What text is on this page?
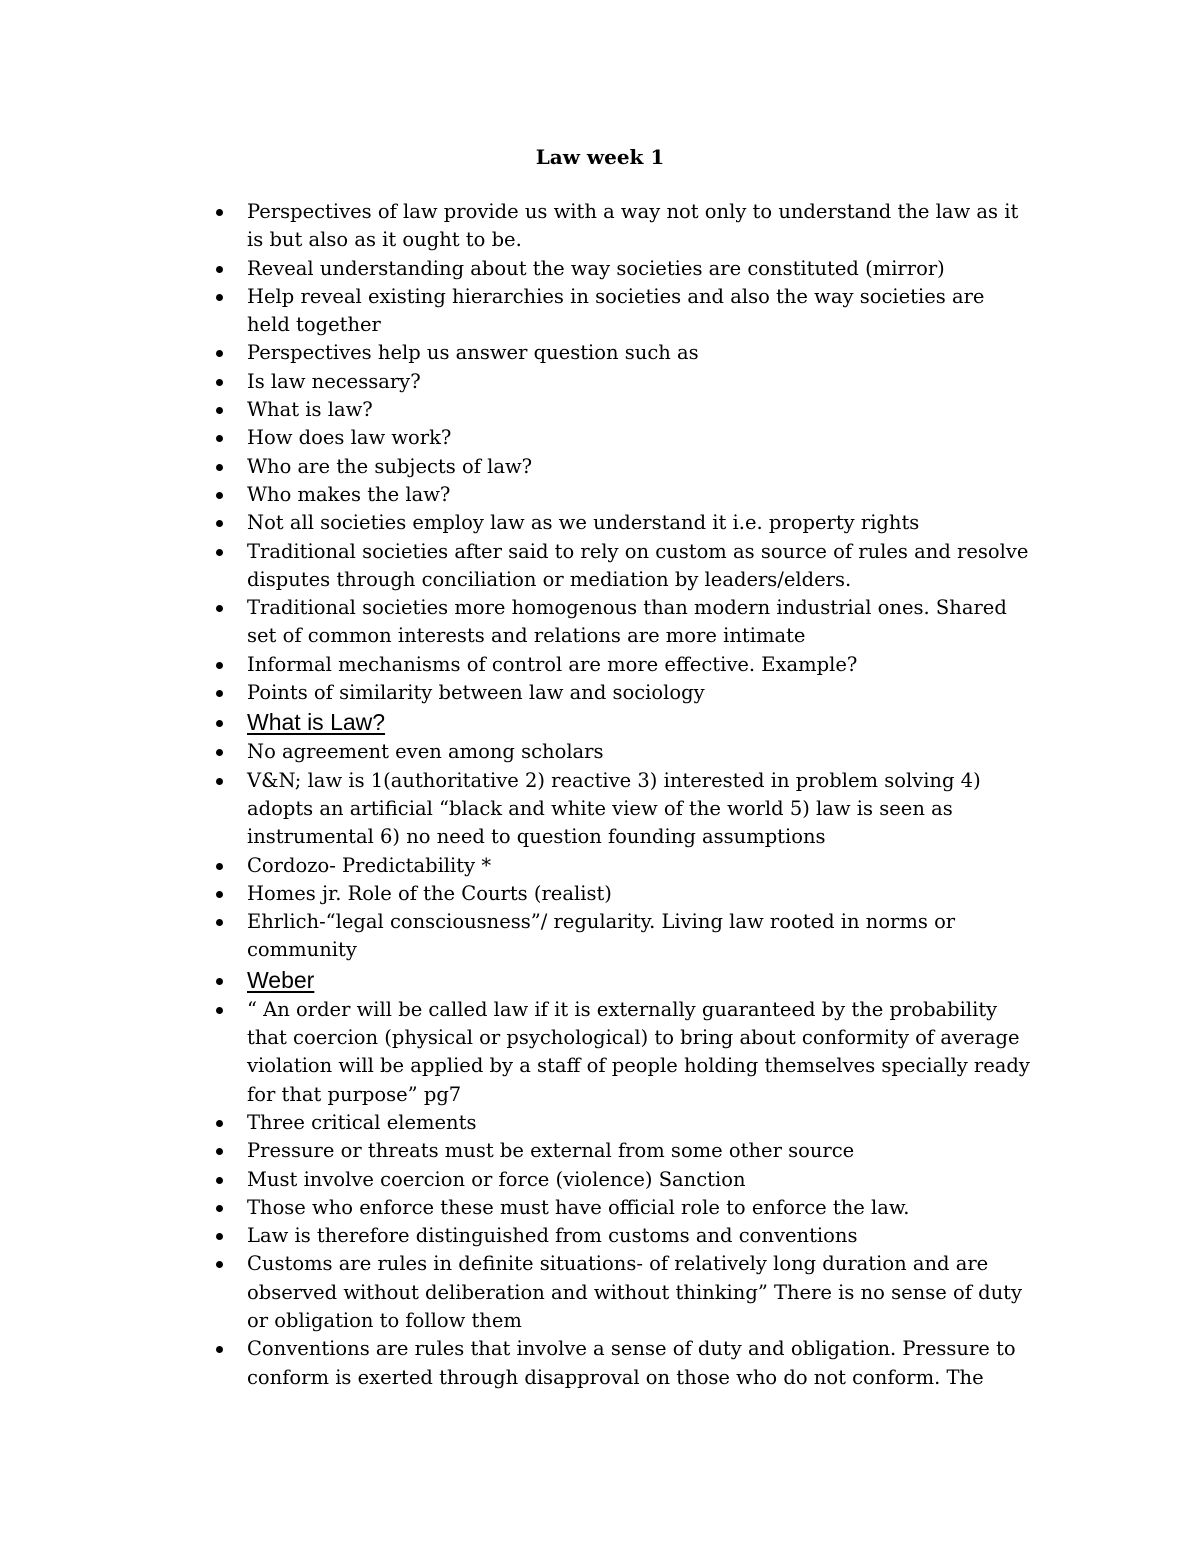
Law week 1
Perspectives of law provide us with a way not only to understand the law as it is but also as it ought to be.
Reveal understanding about the way societies are constituted (mirror)
Help reveal existing hierarchies in societies and also the way societies are held together
Perspectives help us answer question such as
Is law necessary?
What is law?
How does law work?
Who are the subjects of law?
Who makes the law?
Not all societies employ law as we understand it i.e. property rights
Traditional societies after said to rely on custom as source of rules and resolve disputes through conciliation or mediation by leaders/elders.
Traditional societies more homogenous than modern industrial ones. Shared set of common interests and relations are more intimate
Informal mechanisms of control are more effective. Example?
Points of similarity between law and sociology
What is Law?
No agreement even among scholars
V&N; law is 1(authoritative 2) reactive 3) interested in problem solving 4) adopts an artificial “black and white view of the world 5) law is seen as instrumental 6) no need to question founding assumptions
Cordozo- Predictability *
Homes jr. Role of the Courts (realist)
Ehrlich-“legal consciousness”/ regularity. Living law rooted in norms or community
Weber
“ An order will be called law if it is externally guaranteed by the probability that coercion (physical or psychological) to bring about conformity of average violation will be applied by a staff of people holding themselves specially ready for that purpose” pg7
Three critical elements
Pressure or threats must be external from some other source
Must involve coercion or force (violence) Sanction
Those who enforce these must have official role to enforce the law.
Law is therefore distinguished from customs and conventions
Customs are rules in definite situations- of relatively long duration and are observed without deliberation and without thinking” There is no sense of duty or obligation to follow them
Conventions are rules that involve a sense of duty and obligation. Pressure to conform is exerted through disapproval on those who do not conform. The
